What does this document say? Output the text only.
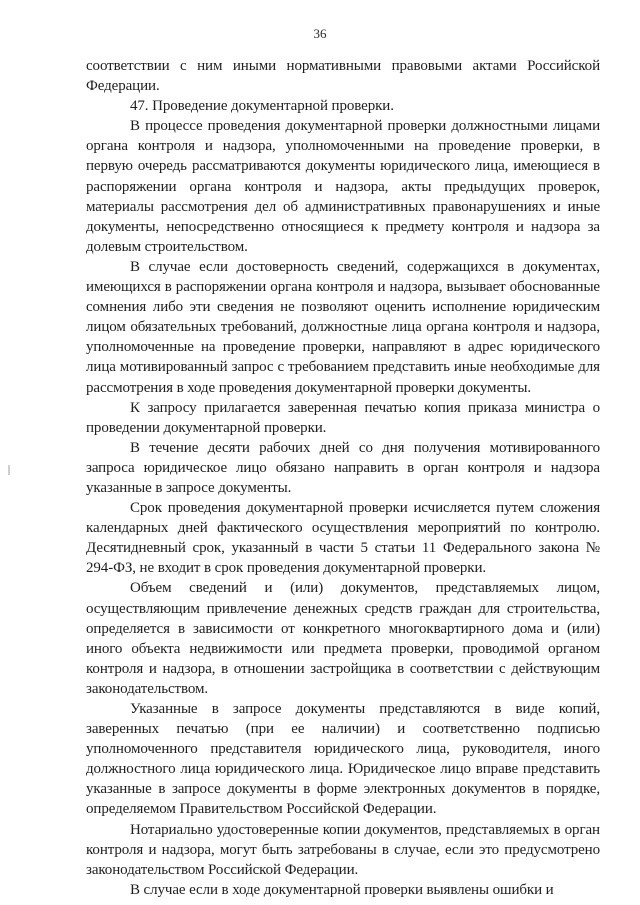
36

соответствии с ним иными нормативными правовыми актами Российской Федерации.

47. Проведение документарной проверки.

В процессе проведения документарной проверки должностными лицами органа контроля и надзора, уполномоченными на проведение проверки, в первую очередь рассматриваются документы юридического лица, имеющиеся в распоряжении органа контроля и надзора, акты предыдущих проверок, материалы рассмотрения дел об административных правонарушениях и иные документы, непосредственно относящиеся к предмету контроля и надзора за долевым строительством.

В случае если достоверность сведений, содержащихся в документах, имеющихся в распоряжении органа контроля и надзора, вызывает обоснованные сомнения либо эти сведения не позволяют оценить исполнение юридическим лицом обязательных требований, должностные лица органа контроля и надзора, уполномоченные на проведение проверки, направляют в адрес юридического лица мотивированный запрос с требованием представить иные необходимые для рассмотрения в ходе проведения документарной проверки документы.

К запросу прилагается заверенная печатью копия приказа министра о проведении документарной проверки.

В течение десяти рабочих дней со дня получения мотивированного запроса юридическое лицо обязано направить в орган контроля и надзора указанные в запросе документы.

Срок проведения документарной проверки исчисляется путем сложения календарных дней фактического осуществления мероприятий по контролю. Десятидневный срок, указанный в части 5 статьи 11 Федерального закона № 294-ФЗ, не входит в срок проведения документарной проверки.

Объем сведений и (или) документов, представляемых лицом, осуществляющим привлечение денежных средств граждан для строительства, определяется в зависимости от конкретного многоквартирного дома и (или) иного объекта недвижимости или предмета проверки, проводимой органом контроля и надзора, в отношении застройщика в соответствии с действующим законодательством.

Указанные в запросе документы представляются в виде копий, заверенных печатью (при ее наличии) и соответственно подписью уполномоченного представителя юридического лица, руководителя, иного должностного лица юридического лица. Юридическое лицо вправе представить указанные в запросе документы в форме электронных документов в порядке, определяемом Правительством Российской Федерации.

Нотариально удостоверенные копии документов, представляемых в орган контроля и надзора, могут быть затребованы в случае, если это предусмотрено законодательством Российской Федерации.

В случае если в ходе документарной проверки выявлены ошибки и
